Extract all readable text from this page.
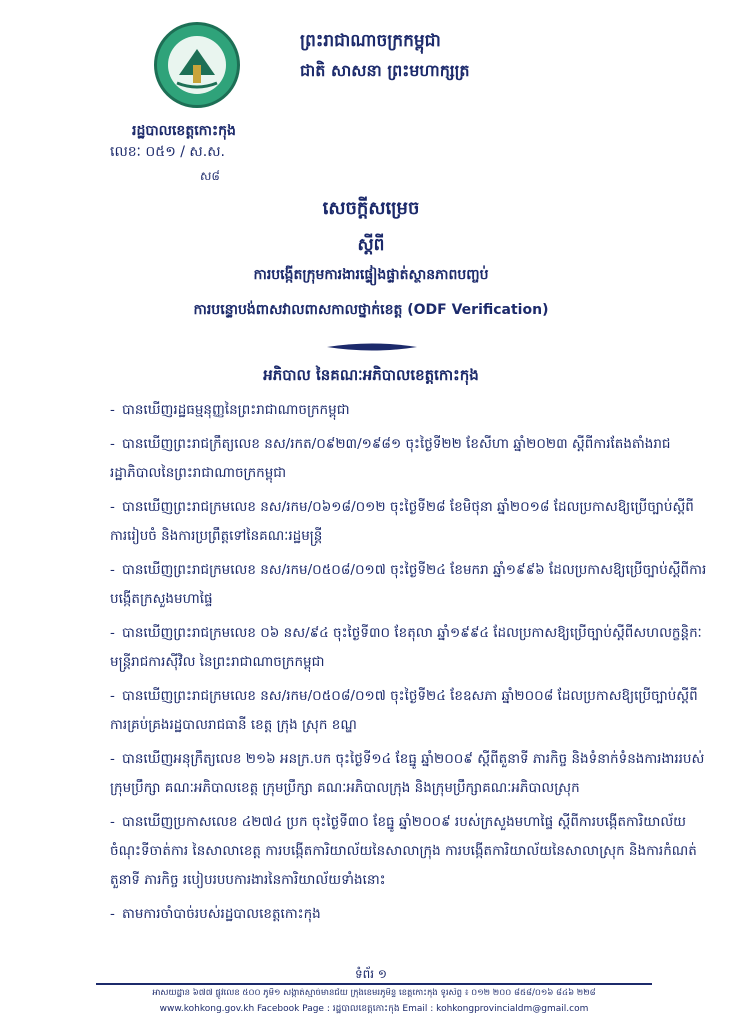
ព្រះរាជាណាចក្រកម្ពុជា
ជាតិ សាសនា ព្រះមហាក្សត្រ
រដ្ឋបាលខេត្តកោះកុង
លេខៈ ០៥១ / ស.ស.
ស៨
សេចក្តីសម្រេច
ស្តីពី
ការបង្កើតក្រុមការងារផ្ទៀងផ្ទាត់ស្ថានភាពបញ្ចប់
ការបន្ទោបង់ពាសវាលពាសកាលថ្នាក់ខេត្ត (ODF Verification)
អភិបាល នៃគណៈអភិបាលខេត្តកោះកុង
- បានឃើញរដ្ឋធម្មនុញ្ញនៃព្រះរាជាណាចក្រកម្ពុជា
- បានឃើញព្រះរាជក្រឹត្យលេខ នស/រកត/០៩២៣/១៩៨១ ចុះថ្ងៃទី២២ ខែសីហា ឆ្នាំ២០២៣ ស្តីពីការតែងតាំងរាជរដ្ឋាភិបាលនៃព្រះរាជាណាចក្រកម្ពុជា
- បានឃើញព្រះរាជក្រមលេខ នស/រកម/០៦១៨/០១២ ចុះថ្ងៃទី២៨ ខែមិថុនា ឆ្នាំ២០១៨ ដែលប្រកាសឱ្យប្រើច្បាប់ស្តីពីការរៀបចំ និងការប្រព្រឹត្តទៅនៃគណៈរដ្ឋមន្ត្រី
- បានឃើញព្រះរាជក្រមលេខ នស/រកម/០៥០៨/០១៧ ចុះថ្ងៃទី២៤ ខែមករា ឆ្នាំ១៩៩៦ ដែលប្រកាសឱ្យប្រើច្បាប់ស្តីពីការបង្កើតក្រសួងមហាផ្ទៃ
- បានឃើញព្រះរាជក្រមលេខ ០៦ នស/៩៤ ចុះថ្ងៃទី៣០ ខែតុលា ឆ្នាំ១៩៩៤ ដែលប្រកាសឱ្យប្រើច្បាប់ស្តីពីសហលក្ខន្តិកៈមន្ត្រីរាជការស៊ីវិល នៃព្រះរាជាណាចក្រកម្ពុជា
- បានឃើញព្រះរាជក្រមលេខ នស/រកម/០៥០៨/០១៧ ចុះថ្ងៃទី២៤ ខែឧសភា ឆ្នាំ២០០៨ ដែលប្រកាសឱ្យប្រើច្បាប់ស្តីពីការគ្រប់គ្រងរដ្ឋបាលរាជធានី ខេត្ត ក្រុង ស្រុក ខណ្ឌ
- បានឃើញអនុក្រឹត្យលេខ ២១៦ អនក្រ.បក ចុះថ្ងៃទី១៤ ខែធ្នូ ឆ្នាំ២០០៩ ស្តីពីតួនាទី ភារកិច្ច និងទំនាក់ទំនងការងាររបស់ក្រុមប្រឹក្សា គណៈអភិបាលខេត្ត ក្រុមប្រឹក្សា គណៈអភិបាលក្រុង និងក្រុមប្រឹក្សាគណៈអភិបាលស្រុក
- បានឃើញប្រកាសលេខ ៤២៧៤ ប្រក ចុះថ្ងៃទី៣០ ខែធ្នូ ឆ្នាំ២០០៩ របស់ក្រសួងមហាផ្ទៃ ស្តីពីការបង្កើតការិយាល័យចំណុះទីចាត់ការ នៃសាលាខេត្ត ការបង្កើតការិយាល័យនៃសាលាក្រុង ការបង្កើតការិយាល័យនៃសាលាស្រុក និងការកំណត់តួនាទី ភារកិច្ច របៀបរបបការងារនៃការិយាល័យទាំងនោះ
- តាមការចាំបាច់របស់រដ្ឋបាលខេត្តកោះកុង
ទំព័រ ១
អាសយដ្ឋាន ៦៧៧ ផ្លូវលេខ ៥០០ ភូមិ១ សង្កាត់ស្មាច់មានជ័យ ក្រុងខេមរភូមិន្ទ ខេត្តកោះកុង ទូរស័ព្ទ ៖ ០១២ ២០០ ៨៥៨/០១៦ ៨៤៦ ២២៨
www.kohkong.gov.kh Facebook Page : រដ្ឋបាលខេត្តកោះកុង Email : kohkongprovincialdm@gmail.com
